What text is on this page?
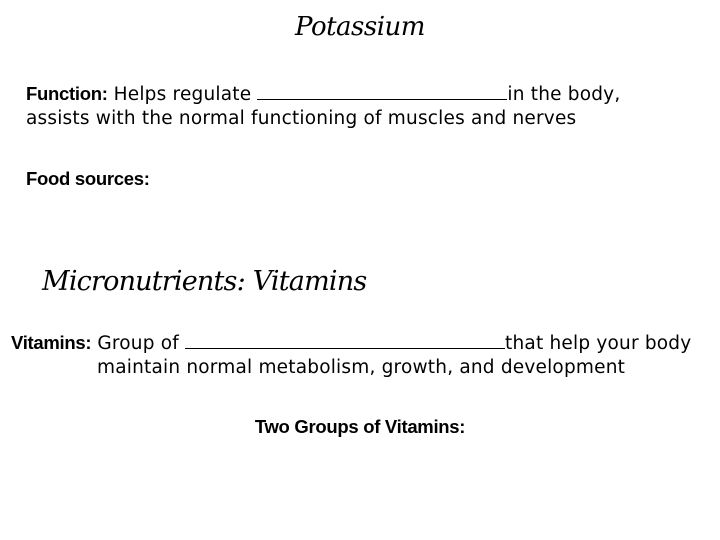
Potassium
Function: Helps regulate	in the body,
assists with the normal functioning of muscles and nerves
Food sources:
Micronutrients: Vitamins
Vitamins: Group of	that help your body
maintain normal metabolism, growth, and development
Two Groups of Vitamins:
